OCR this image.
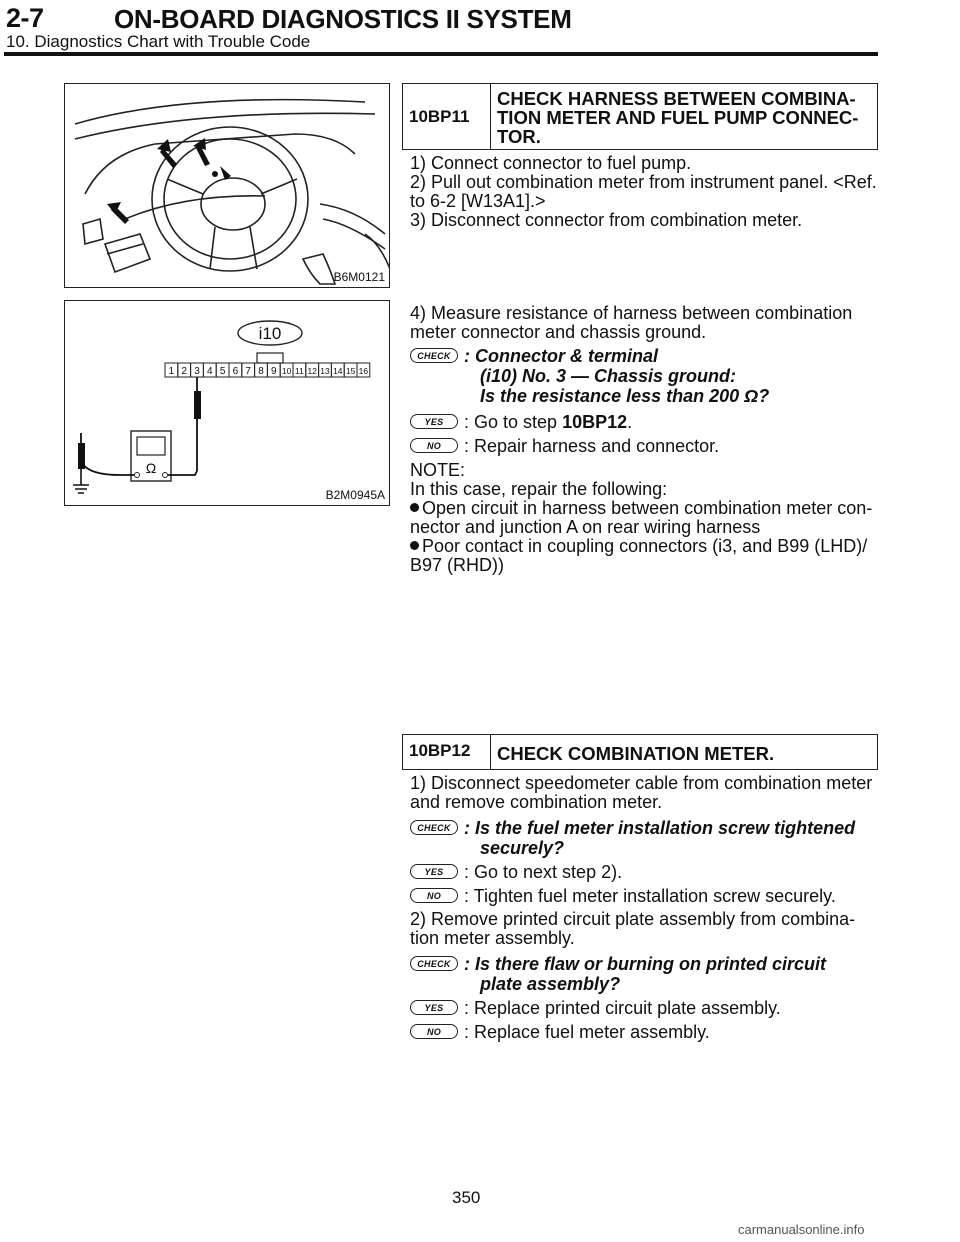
2-7	ON-BOARD DIAGNOSTICS II SYSTEM
10. Diagnostics Chart with Trouble Code
B6M0121
i10
1 2 3 4 5 6 7 8 9 10 11 12 13 14 15 16
Ω
B2M0945A
10BP11
CHECK HARNESS BETWEEN COMBINA-
TION METER AND FUEL PUMP CONNEC-
TOR.
1) Connect connector to fuel pump.
2) Pull out combination meter from instrument panel. <Ref.
to 6-2 [W13A1].>
3) Disconnect connector from combination meter.
4) Measure resistance of harness between combination
meter connector and chassis ground.
CHECK : Connector & terminal
(i10) No. 3 — Chassis ground:
Is the resistance less than 200 Ω?
YES	: Go to step 10BP12.
NO	: Repair harness and connector.
NOTE:
In this case, repair the following:
Open circuit in harness between combination meter con-
nector and junction A on rear wiring harness
Poor contact in coupling connectors (i3, and B99 (LHD)/
B97 (RHD))
10BP12	CHECK COMBINATION METER.
1) Disconnect speedometer cable from combination meter
and remove combination meter.
CHECK : Is the fuel meter installation screw tightened
securely?
YES	: Go to next step 2).
NO	: Tighten fuel meter installation screw securely.
2) Remove printed circuit plate assembly from combina-
tion meter assembly.
CHECK : Is there flaw or burning on printed circuit
plate assembly?
YES	: Replace printed circuit plate assembly.
NO	: Replace fuel meter assembly.
350
carmanualsonline.info
